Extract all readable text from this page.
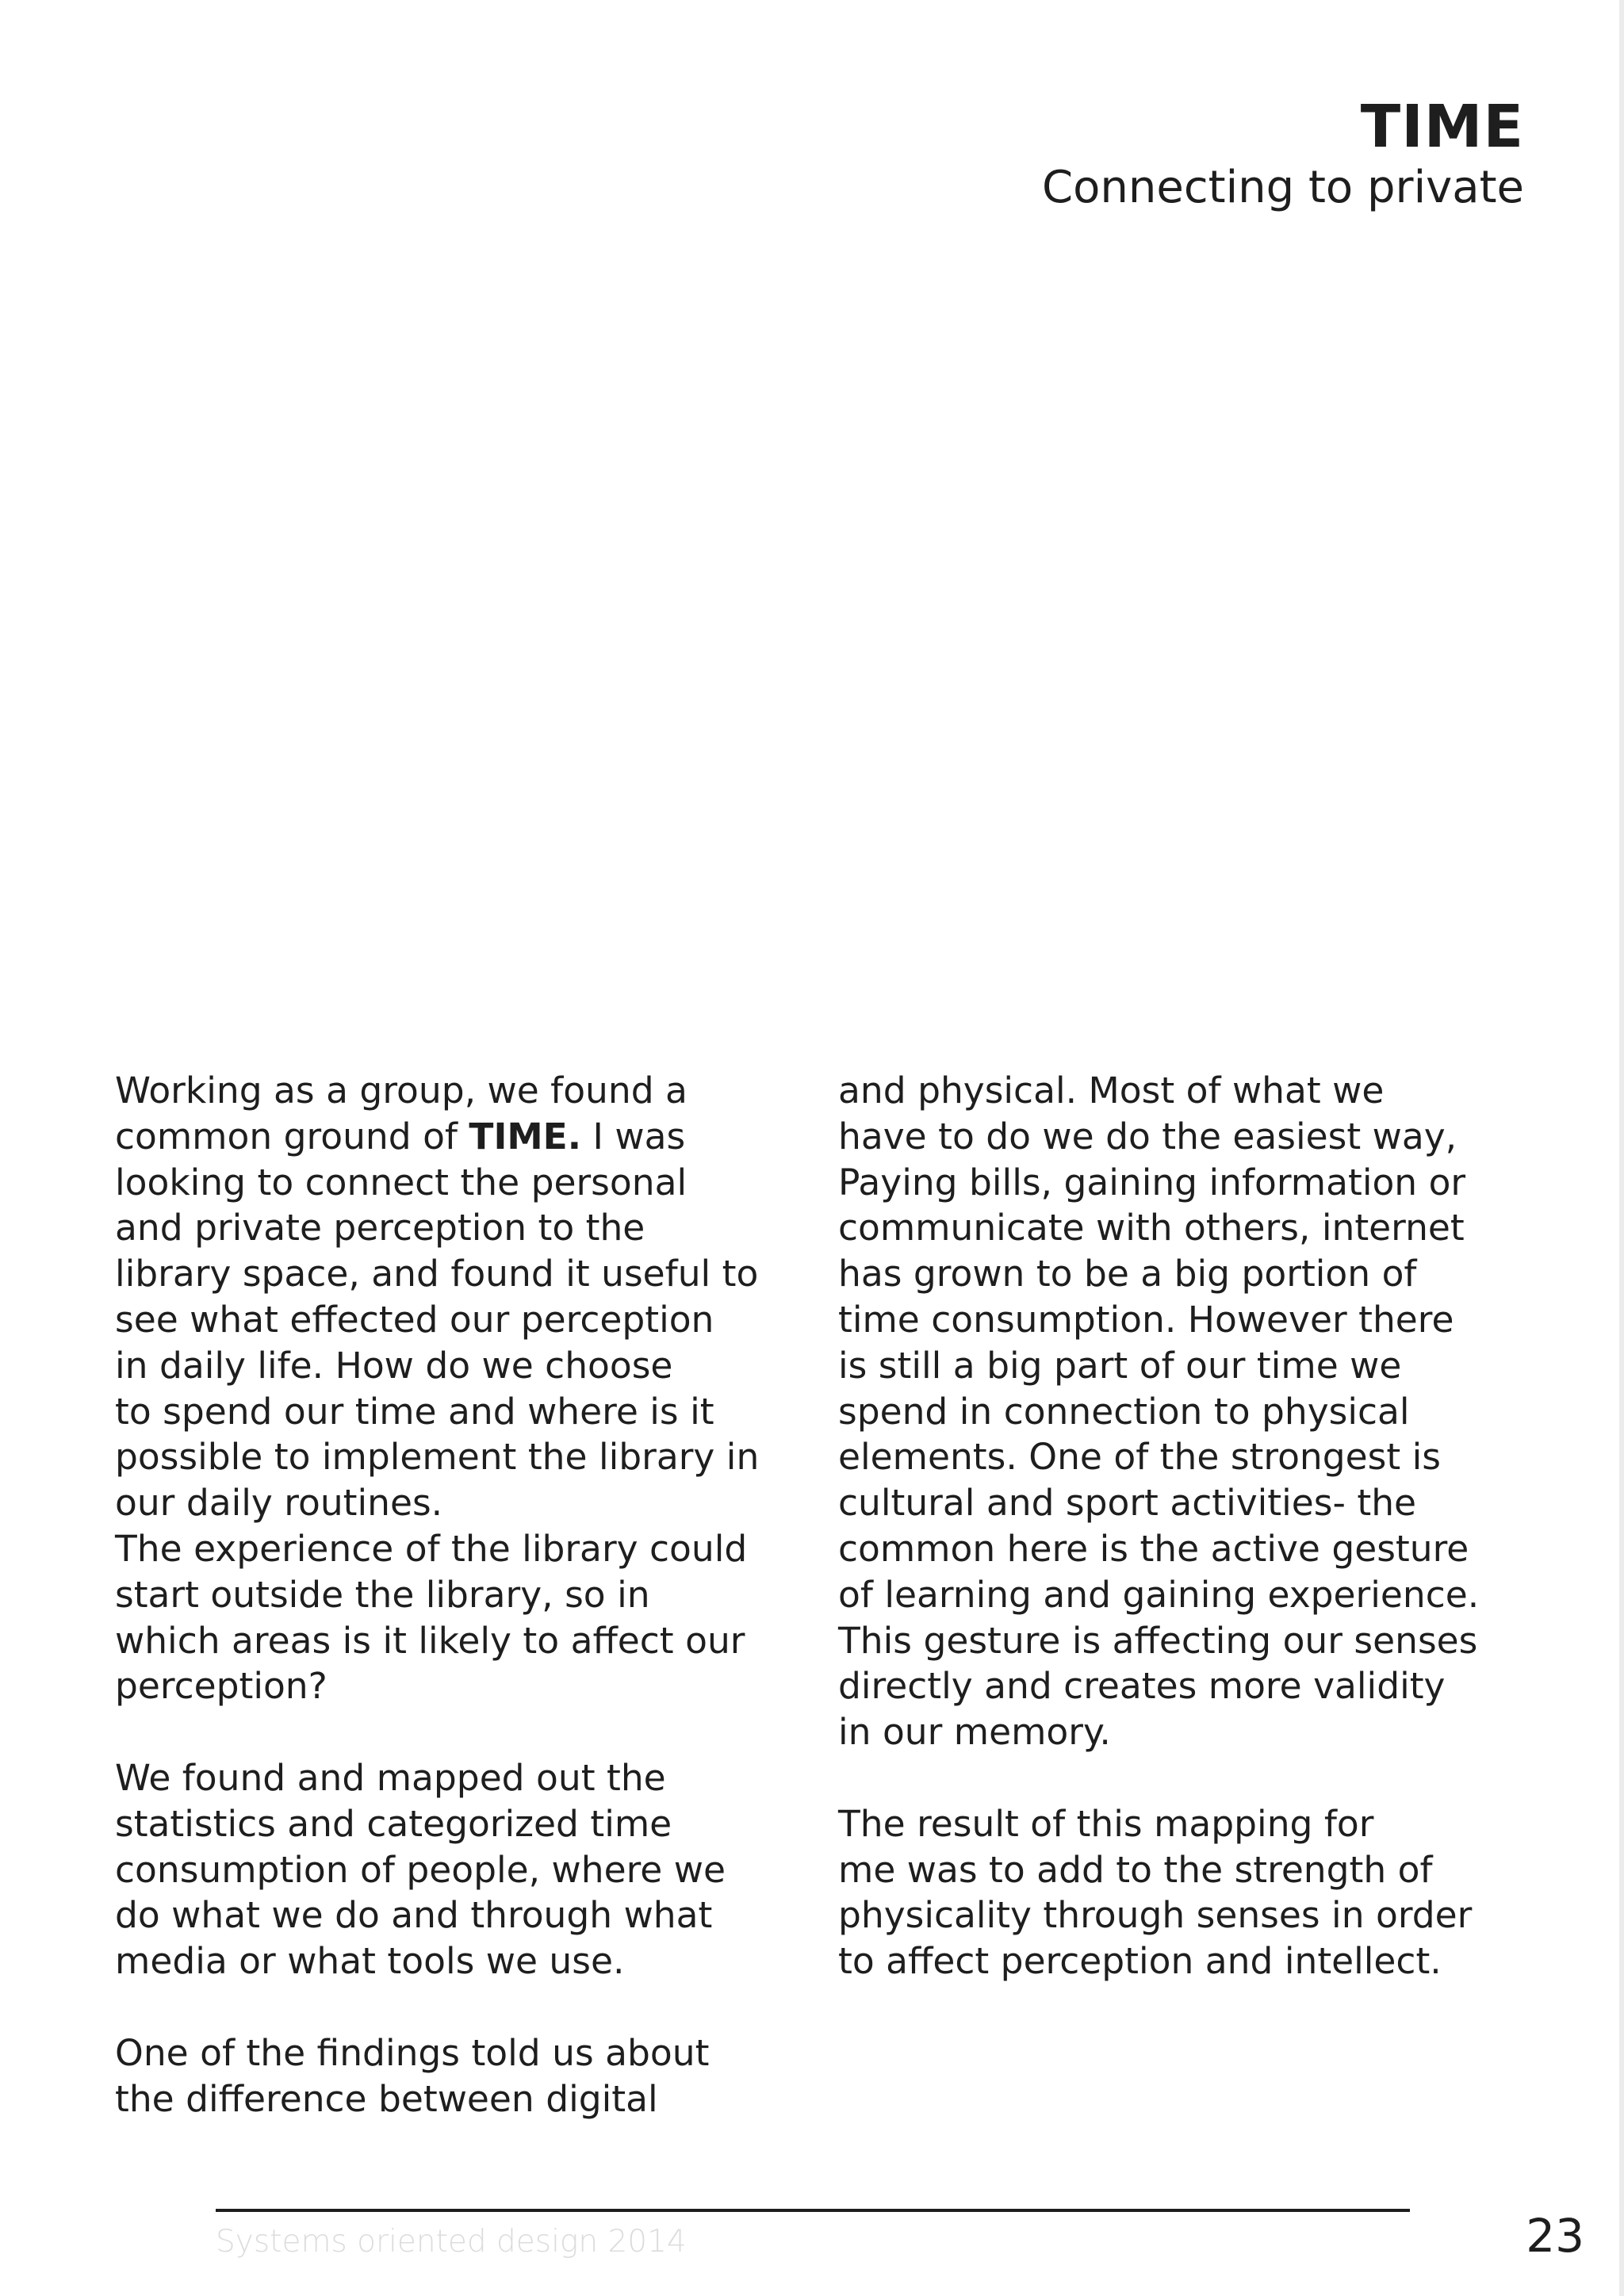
TIME
Connecting to private
Working as a group, we found a
common ground of TIME. I was
looking to connect the personal
and private perception to the
library space, and found it useful to
see what effected our perception
in daily life. How do we choose
to spend our time and where is it
possible to implement the library in
our daily routines.
The experience of the library could
start outside the library, so in
which areas is it likely to affect our
perception?
We found and mapped out the
statistics and categorized time
consumption of people, where we
do what we do and through what
media or what tools we use.
One of the findings told us about
the difference between digital
and physical. Most of what we
have to do we do the easiest way,
Paying bills, gaining information or
communicate with others, internet
has grown to be a big portion of
time consumption. However there
is still a big part of our time we
spend in connection to physical
elements. One of the strongest is
cultural and sport activities- the
common here is the active gesture
of learning and gaining experience.
This gesture is affecting our senses
directly and creates more validity
in our memory.
The result of this mapping for
me was to add to the strength of
physicality through senses in order
to affect perception and intellect.
Systems oriented design 2014	23
